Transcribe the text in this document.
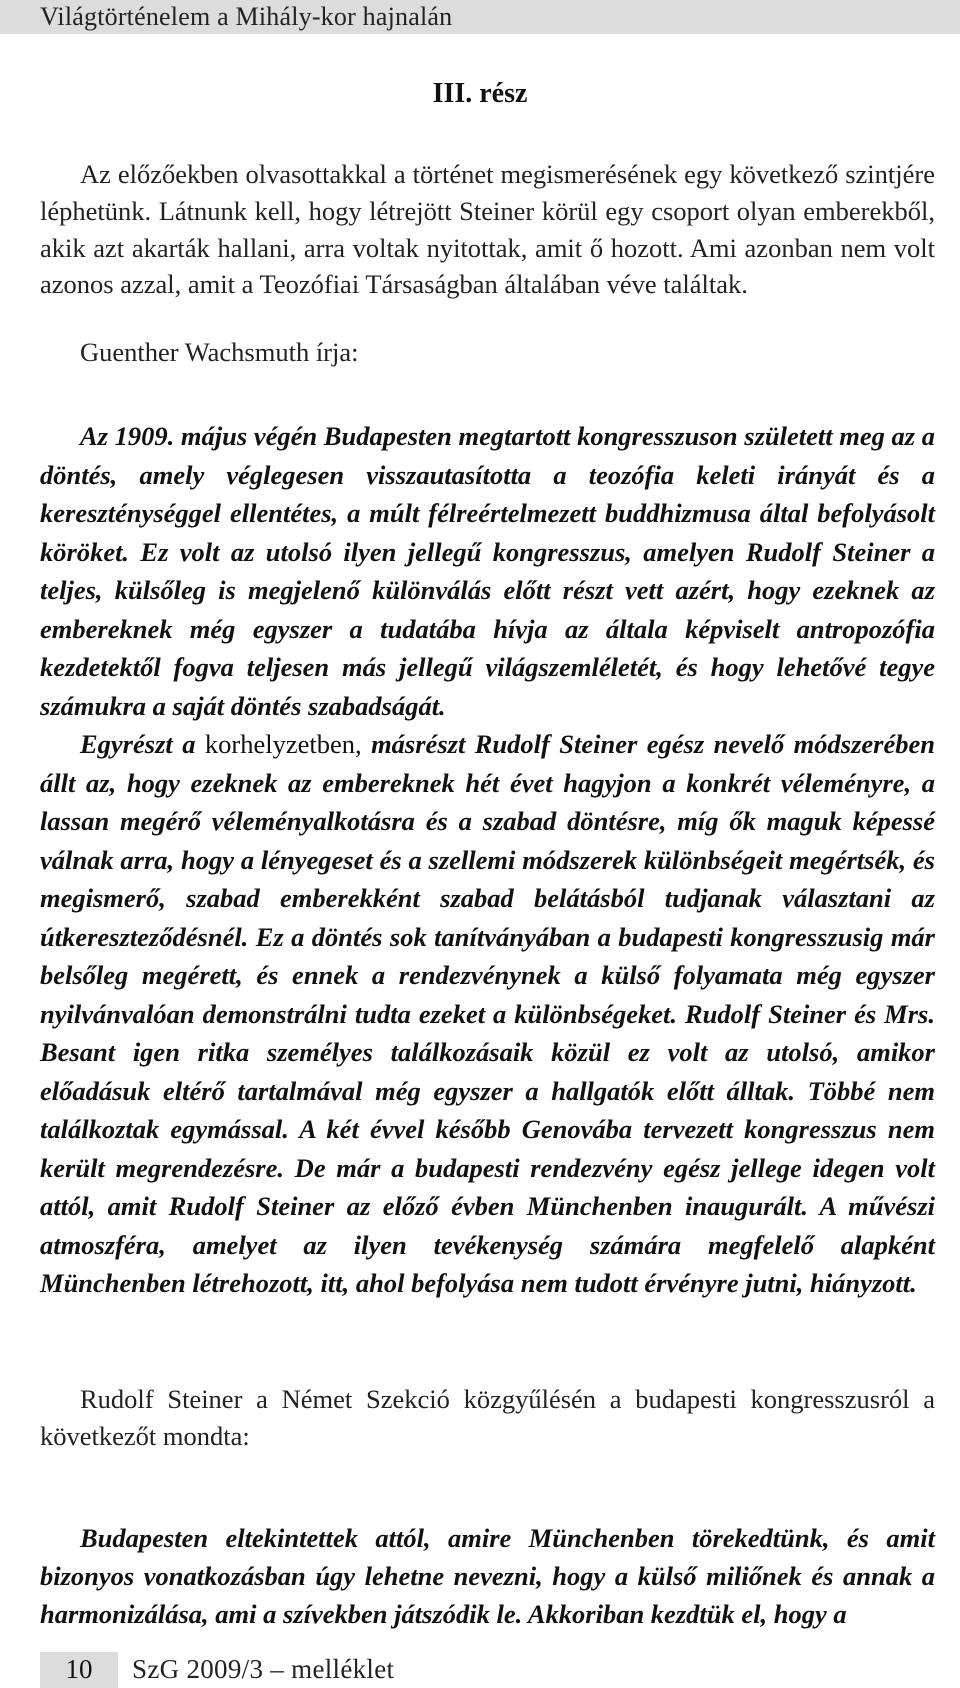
Világtörténelem a Mihály-kor hajnalán
III. rész

Az előzőekben olvasottakkal a történet megismerésének egy következő szintjére léphetünk. Látnunk kell, hogy létrejött Steiner körül egy csoport olyan emberekből, akik azt akarták hallani, arra voltak nyitottak, amit ő hozott. Ami azonban nem volt azonos azzal, amit a Teozófiai Társaságban általában véve találtak.

Guenther Wachsmuth írja:

Az 1909. május végén Budapesten megtartott kongresszuson született meg az a döntés, amely véglegesen visszautasította a teozófia keleti irányát és a kereszténységgel ellentétes, a múlt félreértelmezett buddhizmusa által befolyásolt köröket. Ez volt az utolsó ilyen jellegű kongresszus, amelyen Rudolf Steiner a teljes, külsőleg is megjelenő különválás előtt részt vett azért, hogy ezeknek az embereknek még egyszer a tudatába hívja az általa képviselt antropozófia kezdetektől fogva teljesen más jellegű világszemléletét, és hogy lehetővé tegye számukra a saját döntés szabadságát.

Egyrészt a korhelyzetben, másrészt Rudolf Steiner egész nevelő módszerében állt az, hogy ezeknek az embereknek hét évet hagyjon a konkrét véleményre, a lassan megérő véleményalkotásra és a szabad döntésre, míg ők maguk képessé válnak arra, hogy a lényegeset és a szellemi módszerek különbségeit megértsék, és megismerő, szabad emberekként szabad belátásból tudjanak választani az útkereszteződésnél. Ez a döntés sok tanítványában a budapesti kongresszusig már belsőleg megérett, és ennek a rendezvénynek a külső folyamata még egyszer nyilvánvalóan demonstrálni tudta ezeket a különbségeket. Rudolf Steiner és Mrs. Besant igen ritka személyes találkozásaik közül ez volt az utolsó, amikor előadásuk eltérő tartalmával még egyszer a hallgatók előtt álltak. Többé nem találkoztak egymással. A két évvel később Genovába tervezett kongresszus nem került megrendezésre. De már a budapesti rendezvény egész jellege idegen volt attól, amit Rudolf Steiner az előző évben Münchenben inaugurált. A művészi atmoszféra, amelyet az ilyen tevékenység számára megfelelő alapként Münchenben létrehozott, itt, ahol befolyása nem tudott érvényre jutni, hiányzott.

Rudolf Steiner a Német Szekció közgyűlésén a budapesti kongresszusról a következőt mondta:

Budapesten eltekintettek attól, amire Münchenben törekedtünk, és amit bizonyos vonatkozásban úgy lehetne nevezni, hogy a külső miliőnek és annak a harmonizálása, ami a szívekben játszódik le. Akkoriban kezdtük el, hogy a

10	SzG 2009/3 – melléklet
